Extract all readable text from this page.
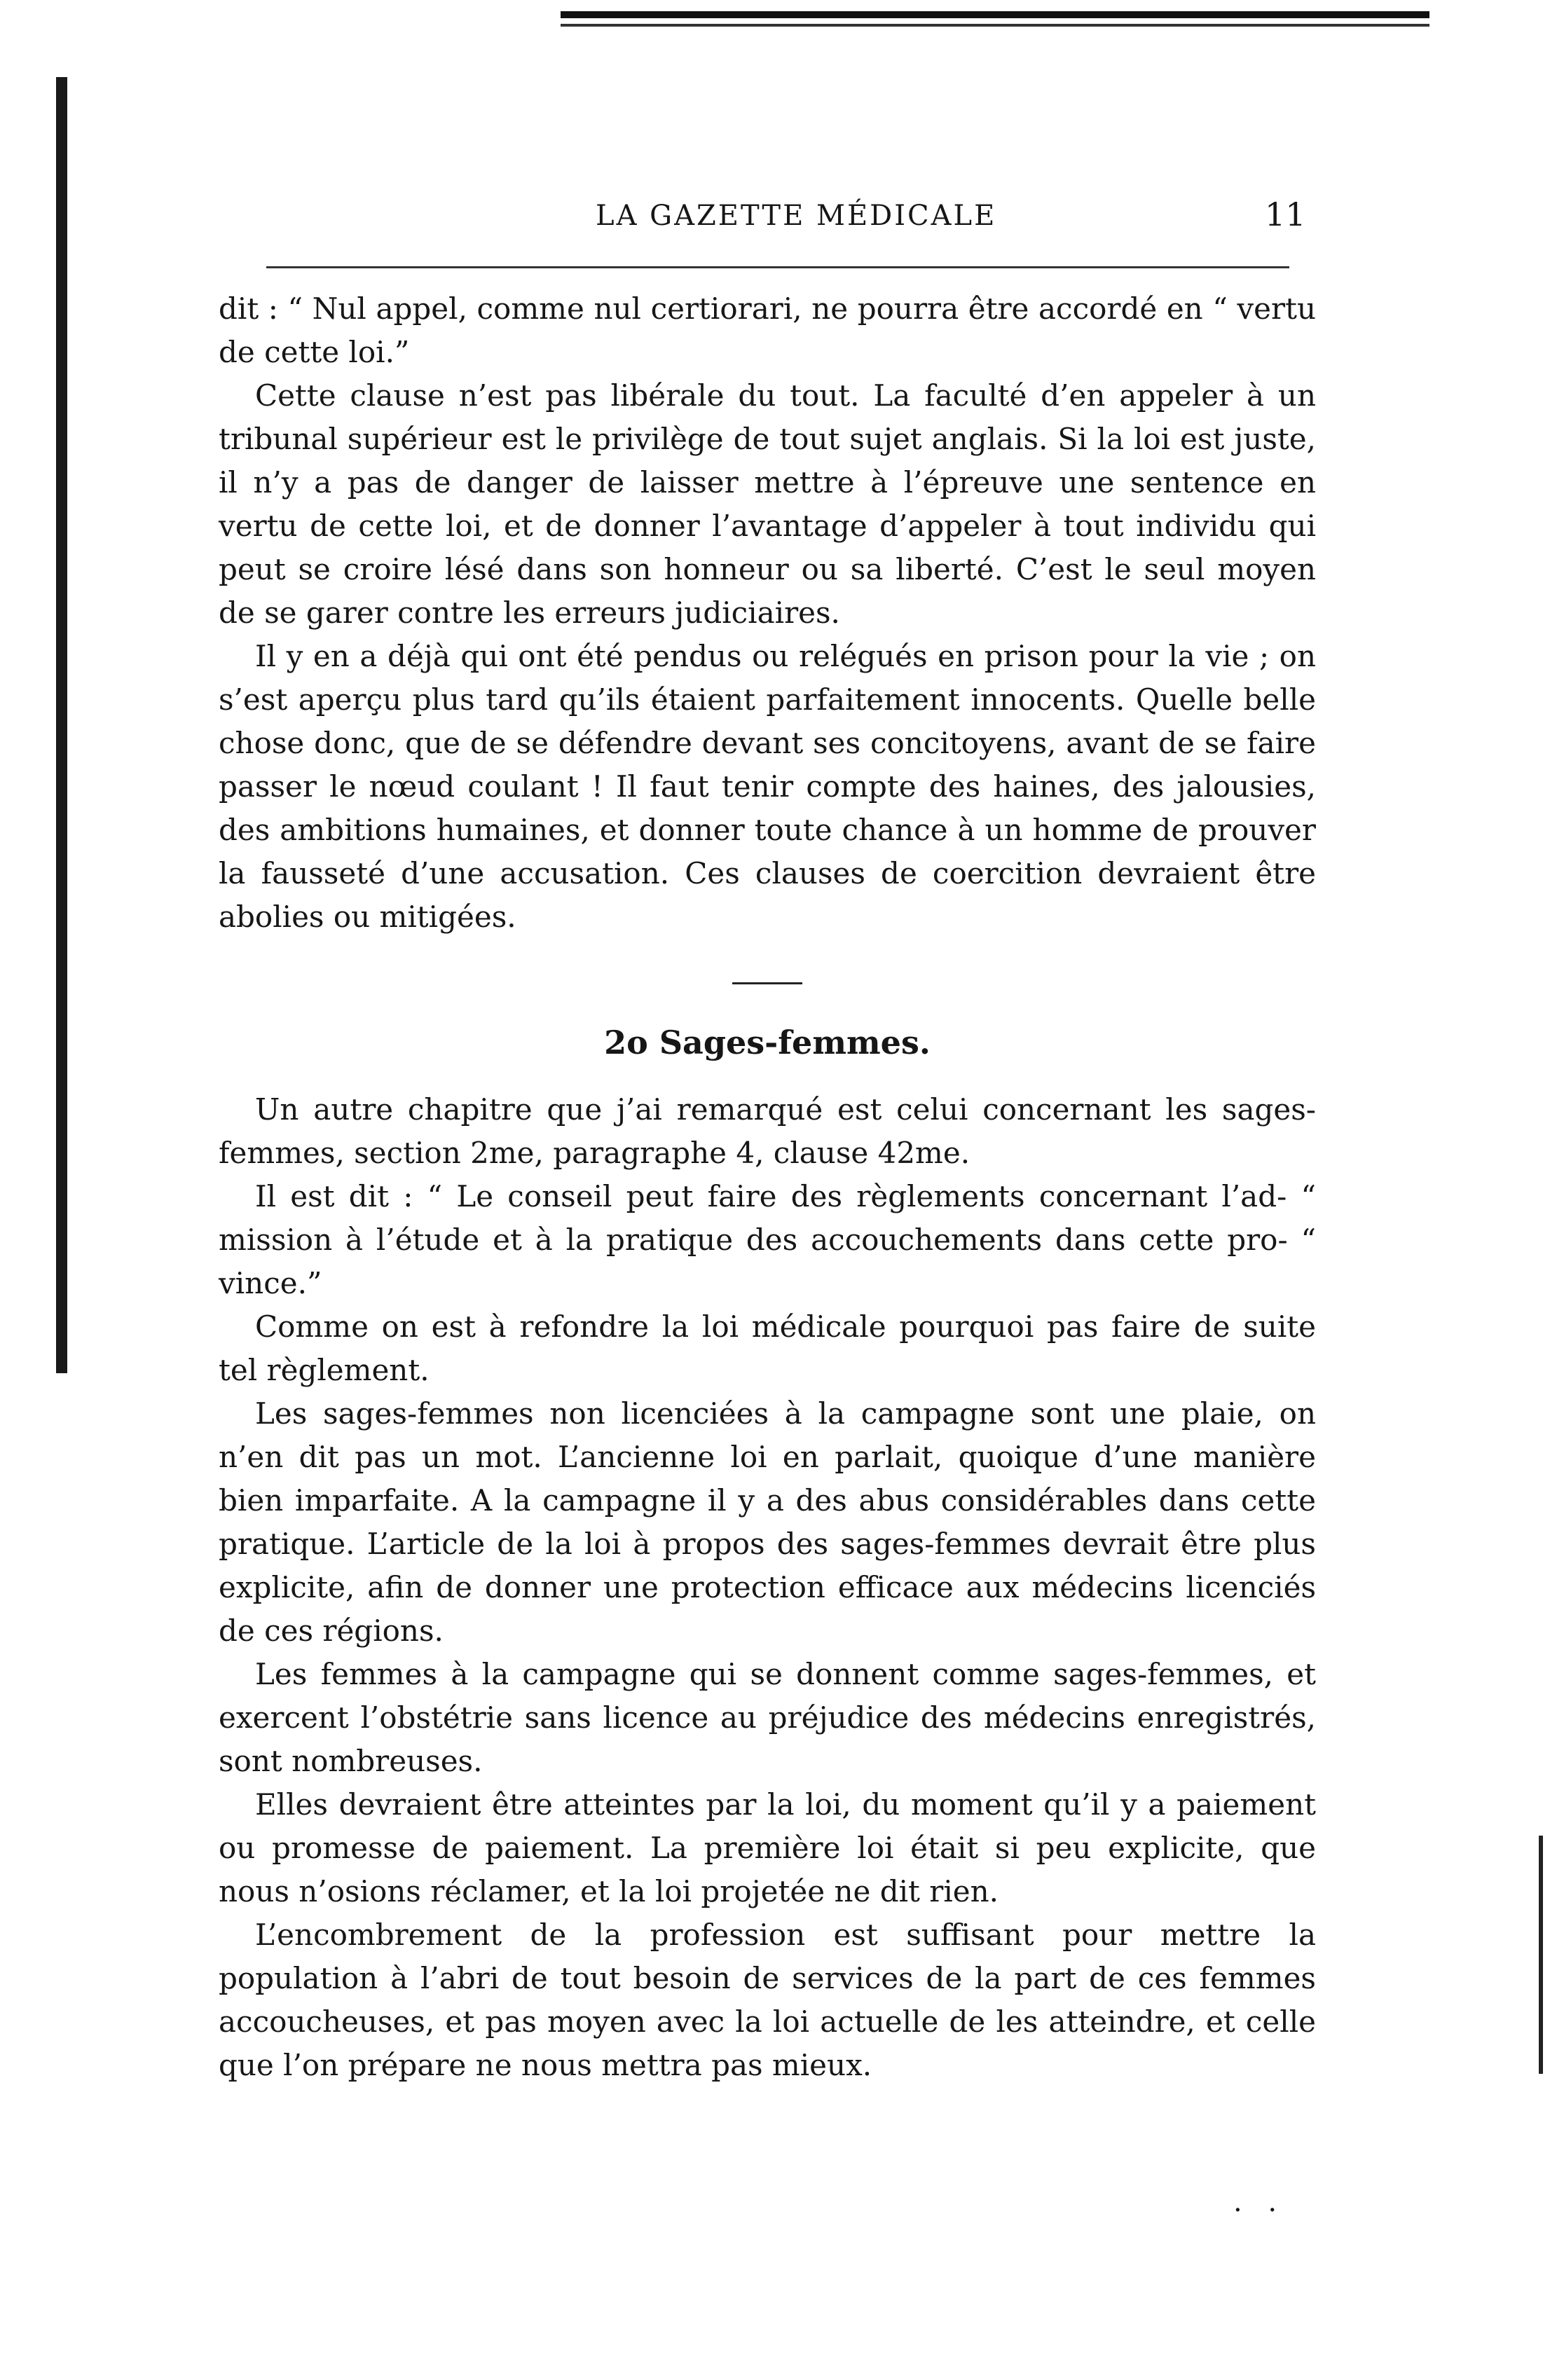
LA GAZETTE MÉDICALE	11

dit : “ Nul appel, comme nul certiorari, ne pourra être accordé en “ vertu de cette loi.”

Cette clause n’est pas libérale du tout. La faculté d’en appeler à un tribunal supérieur est le privilège de tout sujet anglais. Si la loi est juste, il n’y a pas de danger de laisser mettre à l’épreuve une sentence en vertu de cette loi, et de donner l’avantage d’appeler à tout individu qui peut se croire lésé dans son honneur ou sa liberté. C’est le seul moyen de se garer contre les erreurs judiciaires.

Il y en a déjà qui ont été pendus ou relégués en prison pour la vie ; on s’est aperçu plus tard qu’ils étaient parfaitement innocents. Quelle belle chose donc, que de se défendre devant ses concitoyens, avant de se faire passer le nœud coulant ! Il faut tenir compte des haines, des jalousies, des ambitions humaines, et donner toute chance à un homme de prouver la fausseté d’une accusation. Ces clauses de coercition devraient être abolies ou mitigées.

2o Sages-femmes.

Un autre chapitre que j’ai remarqué est celui concernant les sages-femmes, section 2me, paragraphe 4, clause 42me.

Il est dit : “ Le conseil peut faire des règlements concernant l’ad- “ mission à l’étude et à la pratique des accouchements dans cette pro- “ vince.”

Comme on est à refondre la loi médicale pourquoi pas faire de suite tel règlement.

Les sages-femmes non licenciées à la campagne sont une plaie, on n’en dit pas un mot. L’ancienne loi en parlait, quoique d’une manière bien imparfaite. A la campagne il y a des abus considérables dans cette pratique. L’article de la loi à propos des sages-femmes devrait être plus explicite, afin de donner une protection efficace aux médecins licenciés de ces régions.

Les femmes à la campagne qui se donnent comme sages-femmes, et exercent l’obstétrie sans licence au préjudice des médecins enregistrés, sont nombreuses.

Elles devraient être atteintes par la loi, du moment qu’il y a paiement ou promesse de paiement. La première loi était si peu explicite, que nous n’osions réclamer, et la loi projetée ne dit rien.

L’encombrement de la profession est suffisant pour mettre la population à l’abri de tout besoin de services de la part de ces femmes accoucheuses, et pas moyen avec la loi actuelle de les atteindre, et celle que l’on prépare ne nous mettra pas mieux.

. .
